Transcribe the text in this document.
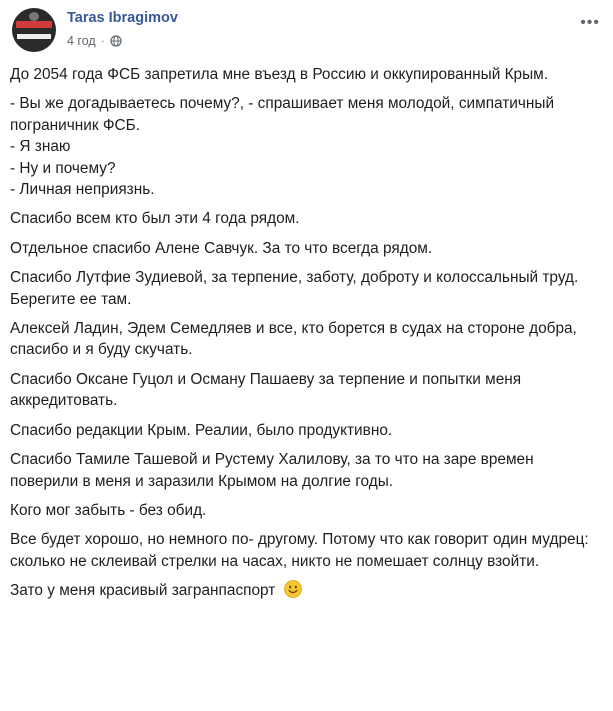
Taras Ibragimov
4 год ·
•••

До 2054 года ФСБ запретила мне въезд в Россию и оккупированный Крым.

- Вы же догадываетесь почему?, - спрашивает меня молодой, симпатичный пограничник ФСБ.

- Я знаю

- Ну и почему?

- Личная неприязнь.

Спасибо всем кто был эти 4 года рядом.

Отдельное спасибо Алене Савчук. За то что всегда рядом.

Спасибо Лутфие Зудиевой, за терпение, заботу, доброту и колоссальный труд. Берегите ее там.

Алексей Ладин, Эдем Семедляев и все, кто борется в судах на стороне добра, спасибо и я буду скучать.

Спасибо Оксане Гуцол и Осману Пашаеву за терпение и попытки меня аккредитовать.

Спасибо редакции Крым. Реалии, было продуктивно.

Спасибо Тамиле Ташевой и Рустему Халилову, за то что на заре времен поверили в меня и заразили Крымом на долгие годы.

Кого мог забыть - без обид.

Все будет хорошо, но немного по- другому. Потому что как говорит один мудрец: сколько не склеивай стрелки на часах, никто не помешает солнцу взойти.

Зато у меня красивый загранпаспорт
